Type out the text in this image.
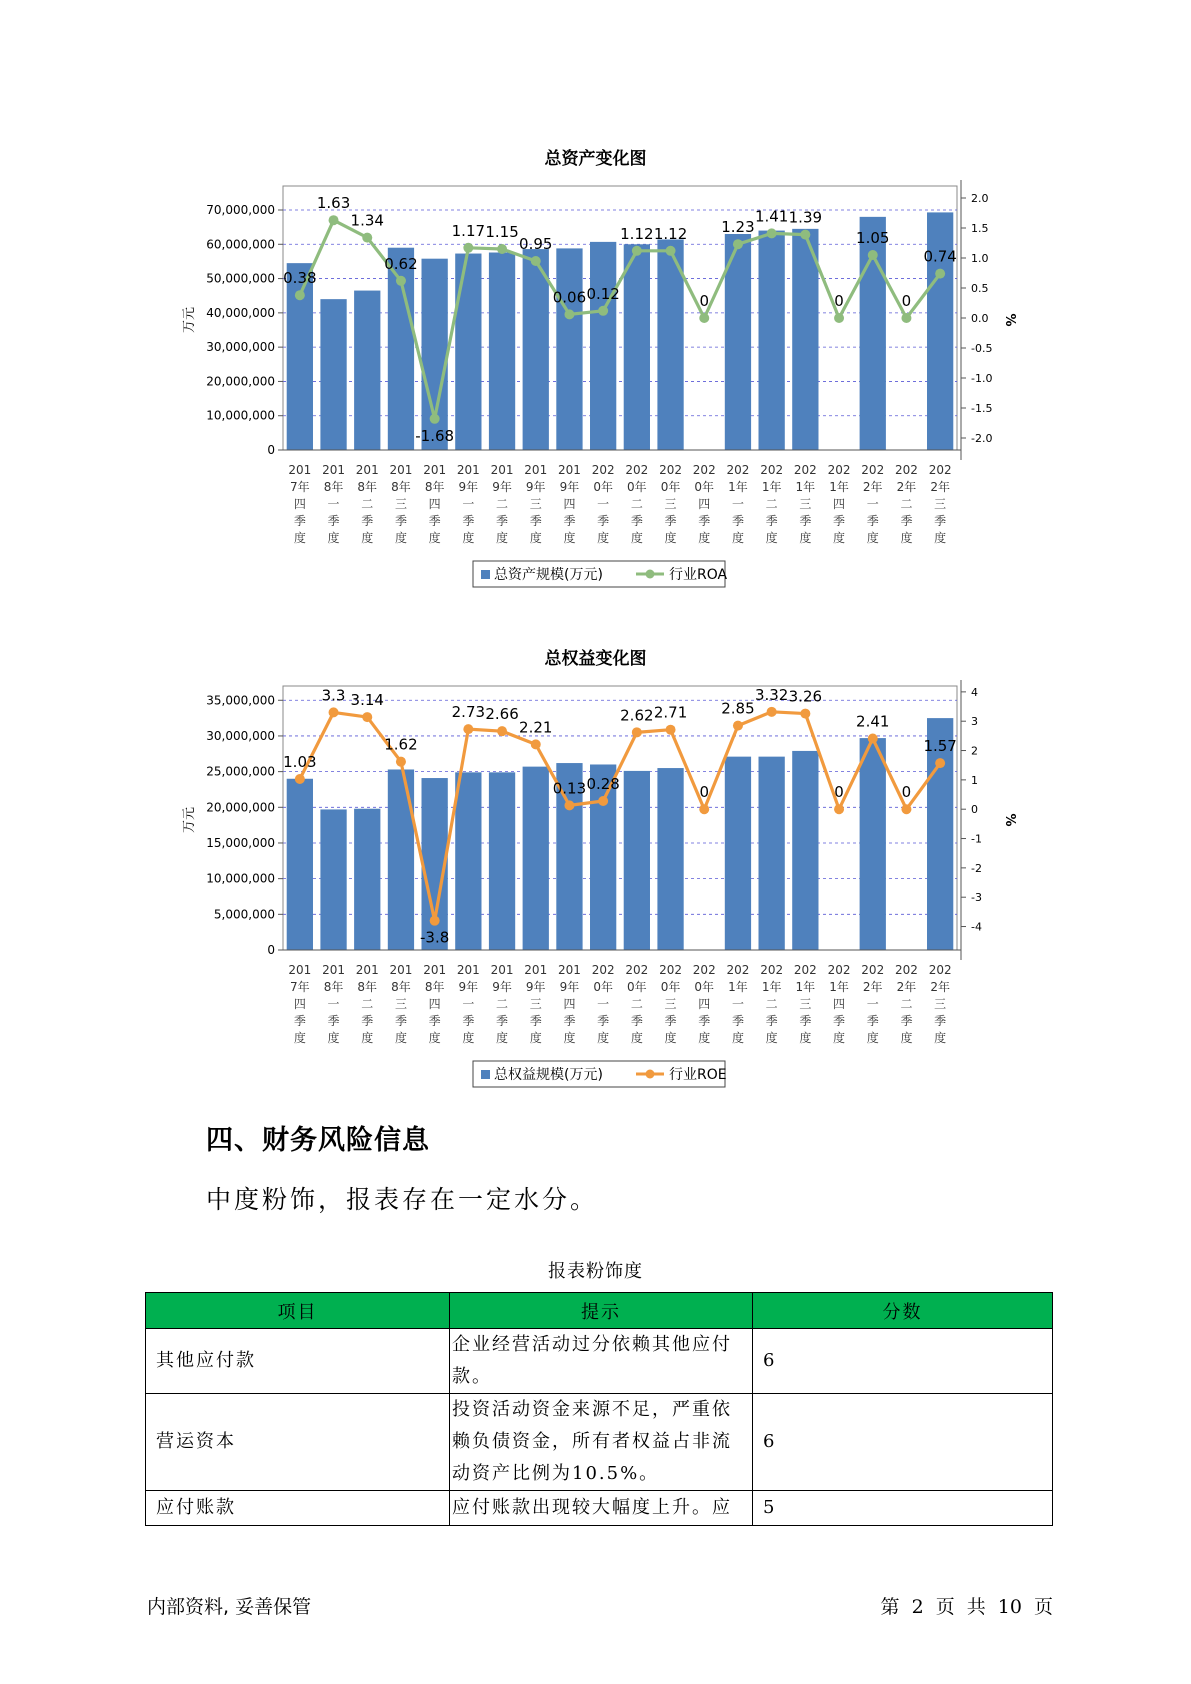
总资产变化图
0
10,000,000
20,000,000
30,000,000
40,000,000
50,000,000
60,000,000
70,000,000
2.0
1.5
1.0
0.5
0.0
-0.5
-1.0
-1.5
-2.0
万元	%
0.38
1.63
1.34
0.62
-1.68
1.17 1.15
0.95
0.06 0.12
1.12 1.12
0
1.23
1.41 1.39
0
1.05
0
0.74
201 7年四季度
201 8年一季度
201 8年二季度
201 8年三季度
201 8年四季度
201 9年一季度
201 9年二季度
201 9年三季度
201 9年四季度
202 0年一季度
202 0年二季度
202 0年三季度
202 0年四季度
202 1年一季度
202 1年二季度
202 1年三季度
202 1年四季度
202 2年一季度
202 2年二季度
202 2年三季度
总资产规模(万元)	行业ROA
总权益变化图
0
5,000,000
10,000,000
15,000,000
20,000,000
25,000,000
30,000,000
35,000,000
4
3
2
1
0
-1
-2
-3
-4
万元	%
1.03
3.3 3.14
1.62
-3.8
2.73 2.66
2.21
0.13 0.28
2.62 2.71
0
2.85
3.32 3.26
0
2.41
0
1.57
201 7年四季度
201 8年一季度
201 8年二季度
201 8年三季度
201 8年四季度
201 9年一季度
201 9年二季度
201 9年三季度
201 9年四季度
202 0年一季度
202 0年二季度
202 0年三季度
202 0年四季度
202 1年一季度
202 1年二季度
202 1年三季度
202 1年四季度
202 2年一季度
202 2年二季度
202 2年三季度
总权益规模(万元)	行业ROE
四、财务风险信息
中度粉饰，报表存在一定水分。
报表粉饰度
项目	提示	分数
其他应付款	企业经营活动过分依赖其他应付款。	6
营运资本	投资活动资金来源不足，严重依赖负债资金，所有者权益占非流动资产比例为10.5%。	6
应付账款	应付账款出现较大幅度上升。应	5
内部资料, 妥善保管	第 2 页 共 10 页
